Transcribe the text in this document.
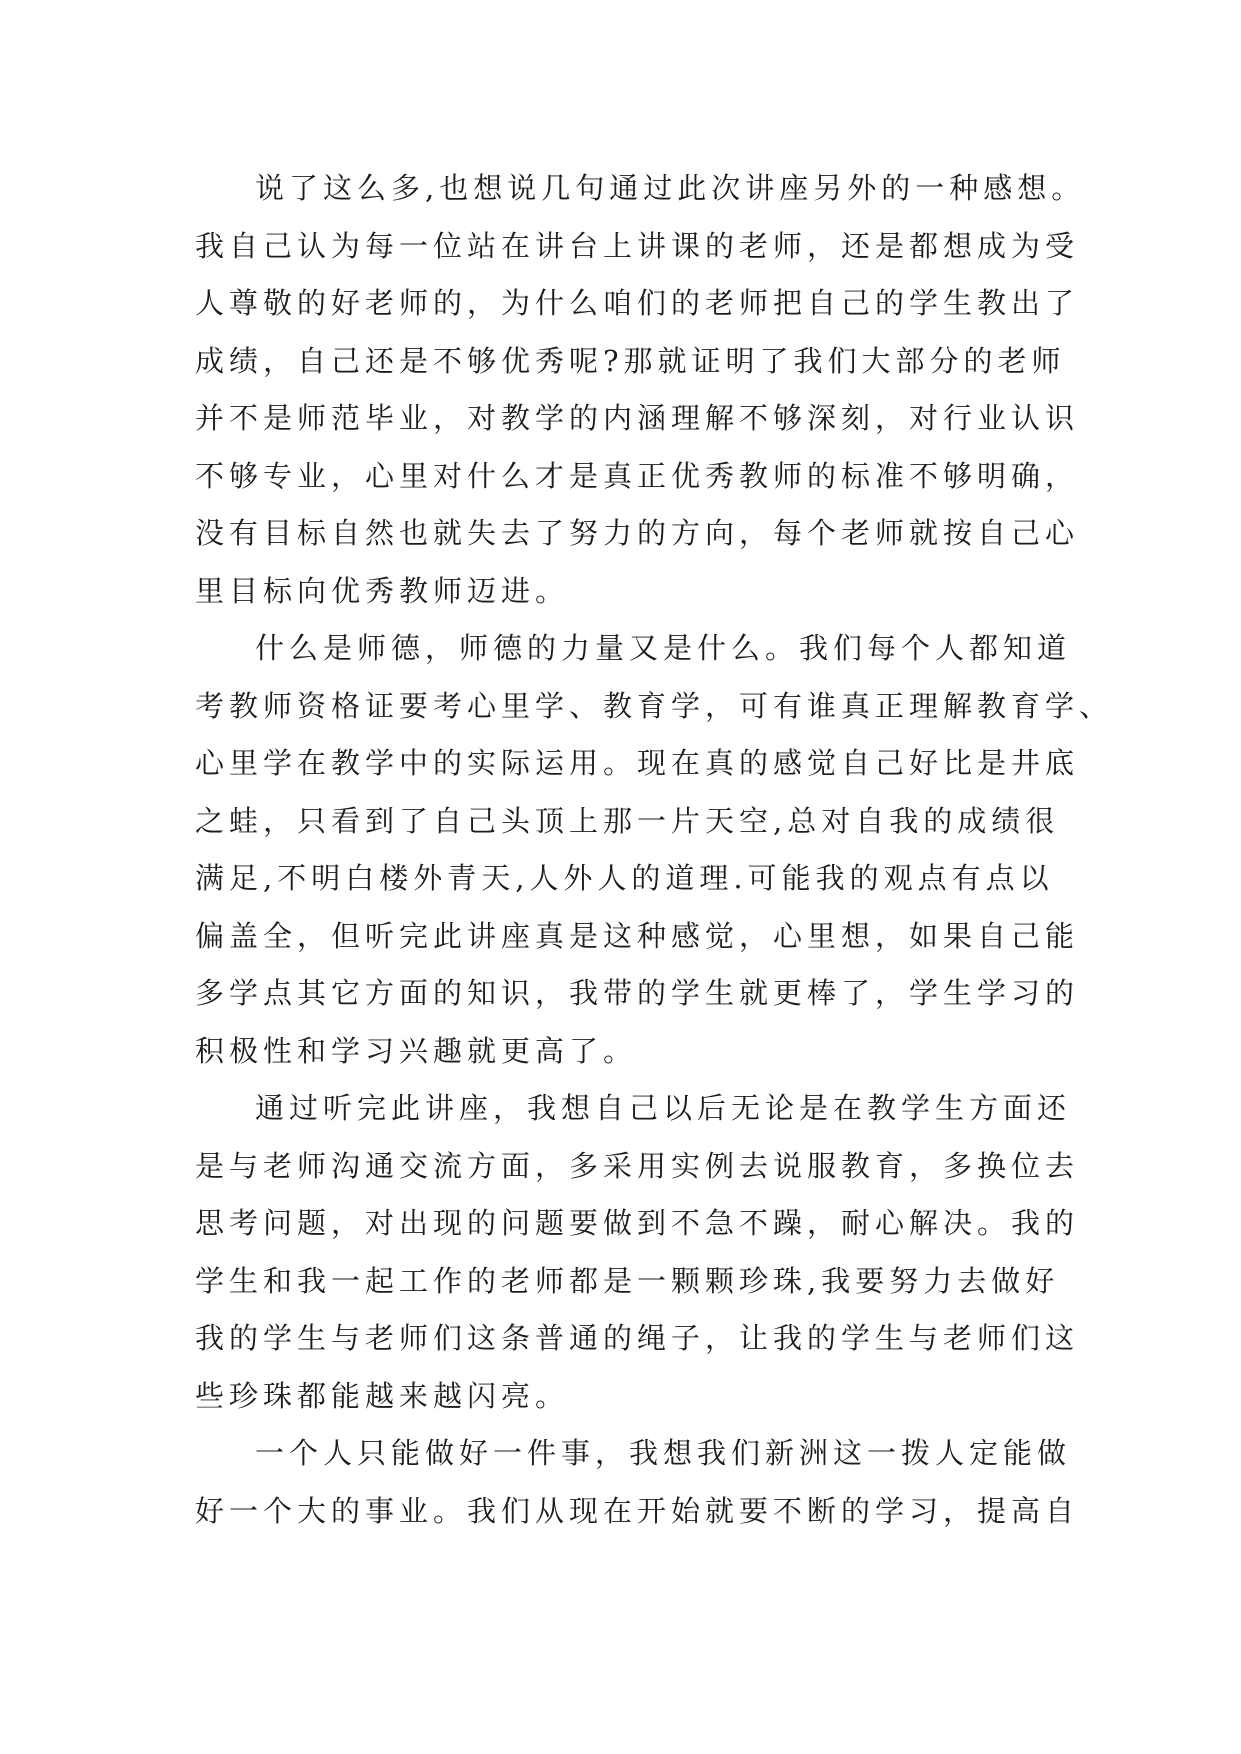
说了这么多,也想说几句通过此次讲座另外的一种感想。
我自己认为每一位站在讲台上讲课的老师，还是都想成为受
人尊敬的好老师的，为什么咱们的老师把自己的学生教出了
成绩，自己还是不够优秀呢?那就证明了我们大部分的老师
并不是师范毕业，对教学的内涵理解不够深刻，对行业认识
不够专业，心里对什么才是真正优秀教师的标准不够明确，
没有目标自然也就失去了努力的方向，每个老师就按自己心
里目标向优秀教师迈进。
什么是师德，师德的力量又是什么。我们每个人都知道
考教师资格证要考心里学、教育学，可有谁真正理解教育学、
心里学在教学中的实际运用。现在真的感觉自己好比是井底
之蛙，只看到了自己头顶上那一片天空,总对自我的成绩很
满足,不明白楼外青天,人外人的道理.可能我的观点有点以
偏盖全，但听完此讲座真是这种感觉，心里想，如果自己能
多学点其它方面的知识，我带的学生就更棒了，学生学习的
积极性和学习兴趣就更高了。
通过听完此讲座，我想自己以后无论是在教学生方面还
是与老师沟通交流方面，多采用实例去说服教育，多换位去
思考问题，对出现的问题要做到不急不躁，耐心解决。我的
学生和我一起工作的老师都是一颗颗珍珠,我要努力去做好
我的学生与老师们这条普通的绳子，让我的学生与老师们这
些珍珠都能越来越闪亮。
一个人只能做好一件事，我想我们新洲这一拨人定能做
好一个大的事业。我们从现在开始就要不断的学习，提高自
